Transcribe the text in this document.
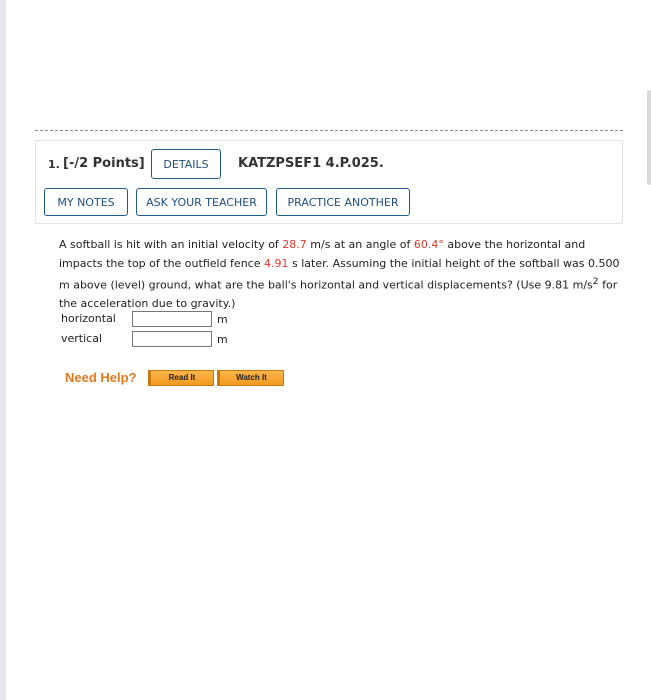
1. [-/2 Points]	DETAILS	KATZPSEF1 4.P.025.
MY NOTES	ASK YOUR TEACHER	PRACTICE ANOTHER
A softball is hit with an initial velocity of 28.7 m/s at an angle of 60.4° above the horizontal and impacts the top of the outfield fence 4.91 s later. Assuming the initial height of the softball was 0.500 m above (level) ground, what are the ball's horizontal and vertical displacements? (Use 9.81 $m/s^2$ for the acceleration due to gravity.)
horizontal	m
vertical	m
Need Help?	Read It	Watch It
